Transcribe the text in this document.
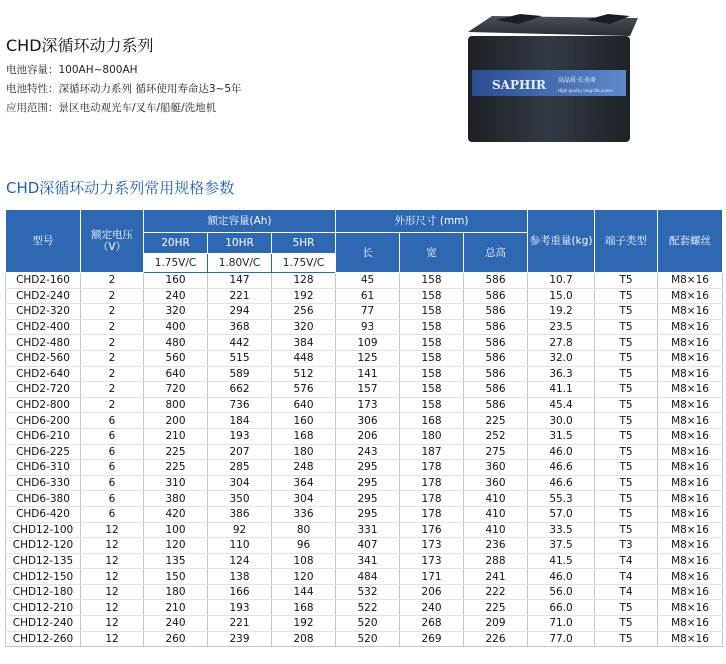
CHD深循环动力系列
电池容量：100AH~800AH
电池特性：深循环动力系列 循环使用寿命达3~5年
应用范围：景区电动观光车/叉车/船艇/洗地机
SAPHIR 高品质·长寿命
High quality long-life power
CHD深循环动力系列常用规格参数
型号	额定电压（V）	额定容量(Ah)			外形尺寸 (mm)			参考重量(kg)	端子类型	配套螺丝
		20HR	10HR	5HR	长	宽	总高			
		1.75V/C	1.80V/C	1.75V/C						
CHD2-160	2	160	147	128	45	158	586	10.7	T5	M8×16
CHD2-240	2	240	221	192	61	158	586	15.0	T5	M8×16
CHD2-320	2	320	294	256	77	158	586	19.2	T5	M8×16
CHD2-400	2	400	368	320	93	158	586	23.5	T5	M8×16
CHD2-480	2	480	442	384	109	158	586	27.8	T5	M8×16
CHD2-560	2	560	515	448	125	158	586	32.0	T5	M8×16
CHD2-640	2	640	589	512	141	158	586	36.3	T5	M8×16
CHD2-720	2	720	662	576	157	158	586	41.1	T5	M8×16
CHD2-800	2	800	736	640	173	158	586	45.4	T5	M8×16
CHD6-200	6	200	184	160	306	168	225	30.0	T5	M8×16
CHD6-210	6	210	193	168	206	180	252	31.5	T5	M8×16
CHD6-225	6	225	207	180	243	187	275	46.0	T5	M8×16
CHD6-310	6	225	285	248	295	178	360	46.6	T5	M8×16
CHD6-330	6	310	304	364	295	178	360	46.6	T5	M8×16
CHD6-380	6	380	350	304	295	178	410	55.3	T5	M8×16
CHD6-420	6	420	386	336	295	178	410	57.0	T5	M8×16
CHD12-100	12	100	92	80	331	176	410	33.5	T5	M8×16
CHD12-120	12	120	110	96	407	173	236	37.5	T3	M8×16
CHD12-135	12	135	124	108	341	173	288	41.5	T4	M8×16
CHD12-150	12	150	138	120	484	171	241	46.0	T4	M8×16
CHD12-180	12	180	166	144	532	206	222	56.0	T4	M8×16
CHD12-210	12	210	193	168	522	240	225	66.0	T5	M8×16
CHD12-240	12	240	221	192	520	268	209	71.0	T5	M8×16
CHD12-260	12	260	239	208	520	269	226	77.0	T5	M8×16
